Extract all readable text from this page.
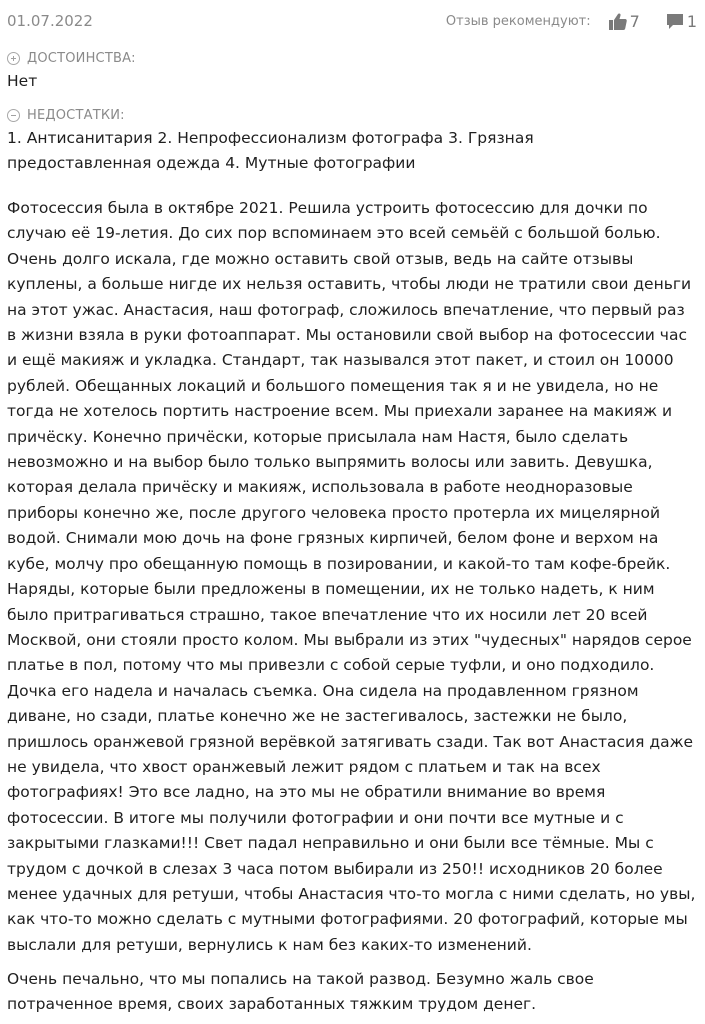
01.07.2022	Отзыв рекомендуют: 7	1
ДОСТОИНСТВА:
Нет
НЕДОСТАТКИ:
1. Антисанитария 2. Непрофессионализм фотографа 3. Грязная предоставленная одежда 4. Мутные фотографии

Фотосессия была в октябре 2021. Решила устроить фотосессию для дочки по случаю её 19-летия. До сих пор вспоминаем это всей семьёй с большой болью. Очень долго искала, где можно оставить свой отзыв, ведь на сайте отзывы куплены, а больше нигде их нельзя оставить, чтобы люди не тратили свои деньги на этот ужас. Анастасия, наш фотограф, сложилось впечатление, что первый раз в жизни взяла в руки фотоаппарат. Мы остановили свой выбор на фотосессии час и ещё макияж и укладка. Стандарт, так назывался этот пакет, и стоил он 10000 рублей. Обещанных локаций и большого помещения так я и не увидела, но не тогда не хотелось портить настроение всем. Мы приехали заранее на макияж и причёску. Конечно причёски, которые присылала нам Настя, было сделать невозможно и на выбор было только выпрямить волосы или завить. Девушка, которая делала причёску и макияж, использовала в работе неодноразовые приборы конечно же, после другого человека просто протерла их мицелярной водой. Снимали мою дочь на фоне грязных кирпичей, белом фоне и верхом на кубе, молчу про обещанную помощь в позировании, и какой-то там кофе-брейк. Наряды, которые были предложены в помещении, их не только надеть, к ним было притрагиваться страшно, такое впечатление что их носили лет 20 всей Москвой, они стояли просто колом. Мы выбрали из этих "чудесных" нарядов серое платье в пол, потому что мы привезли с собой серые туфли, и оно подходило. Дочка его надела и началась съемка. Она сидела на продавленном грязном диване, но сзади, платье конечно же не застегивалось, застежки не было, пришлось оранжевой грязной верёвкой затягивать сзади. Так вот Анастасия даже не увидела, что хвост оранжевый лежит рядом с платьем и так на всех фотографиях! Это все ладно, на это мы не обратили внимание во время фотосессии. В итоге мы получили фотографии и они почти все мутные и с закрытыми глазками!!! Свет падал неправильно и они были все тёмные. Мы с трудом с дочкой в слезах 3 часа потом выбирали из 250!! исходников 20 более менее удачных для ретуши, чтобы Анастасия что-то могла с ними сделать, но увы, как что-то можно сделать с мутными фотографиями. 20 фотографий, которые мы выслали для ретуши, вернулись к нам без каких-то изменений.

Очень печально, что мы попались на такой развод. Безумно жаль свое потраченное время, своих заработанных тяжким трудом денег.
